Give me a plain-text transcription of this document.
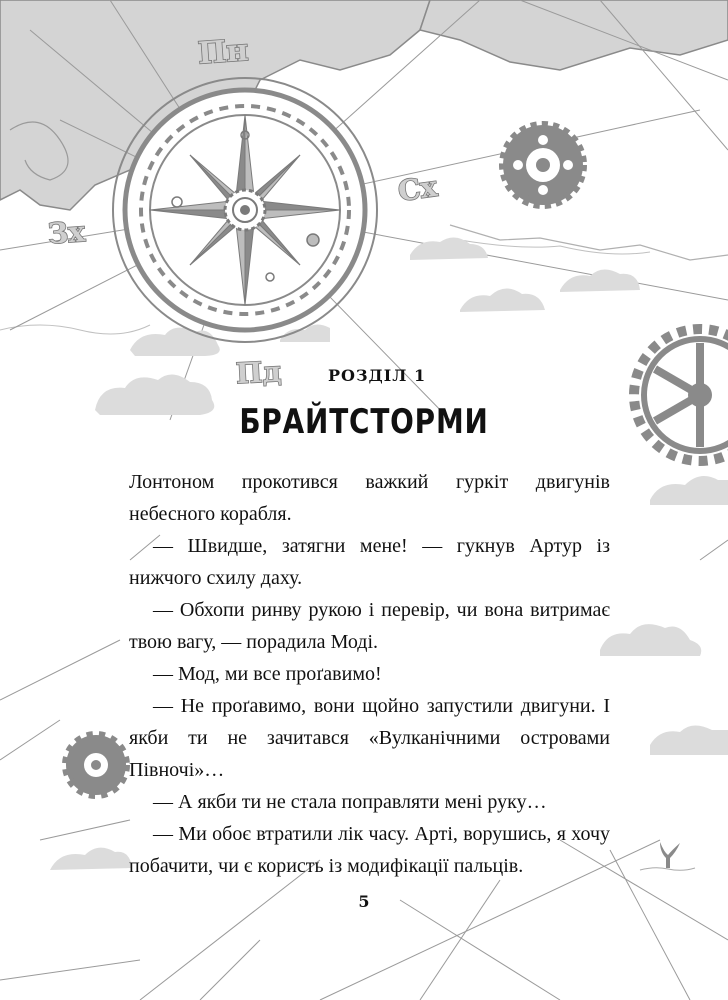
Пн
Сх
Зх
Пд	РОЗДІЛ 1
БРАЙТСТОРМИ

Лонтоном прокотився важкий гуркіт двигунів небесного корабля.

— Швидше, затягни мене! — гукнув Артур із нижчого схилу даху.

— Обхопи ринву рукою і перевір, чи вона витримає твою вагу, — порадила Моді.

— Мод, ми все проґавимо!

— Не проґавимо, вони щойно запустили двигуни. І якби ти не зачитався «Вулканічними островами Півночі»…

— А якби ти не стала поправляти мені руку…

— Ми обоє втратили лік часу. Арті, ворушись, я хочу побачити, чи є користь із модифікації пальців.

5
